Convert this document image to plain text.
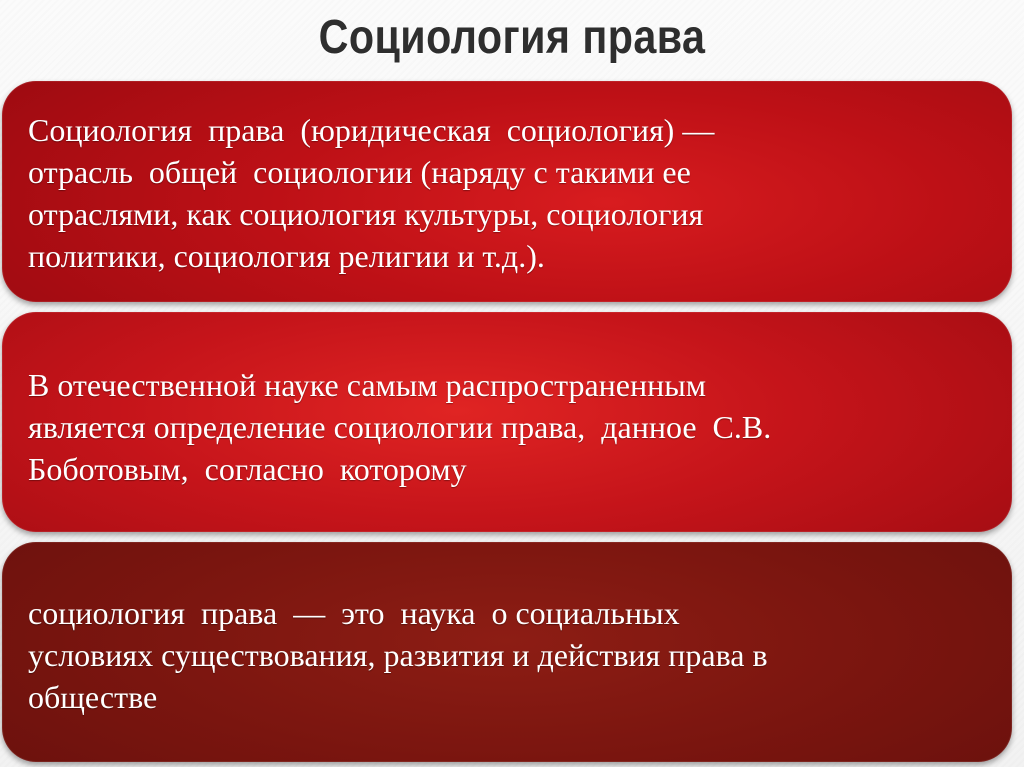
Социология права
Социология  права  (юридическая  социология) —
отрасль  общей  социологии (наряду с такими ее
отраслями, как социология культуры, социология
политики, социология религии и т.д.).
В отечественной науке самым распространенным
является определение социологии права,  данное  С.В.
Боботовым,  согласно  которому
социология  права  —  это  наука  о социальных
условиях существования, развития и действия права в
обществе
